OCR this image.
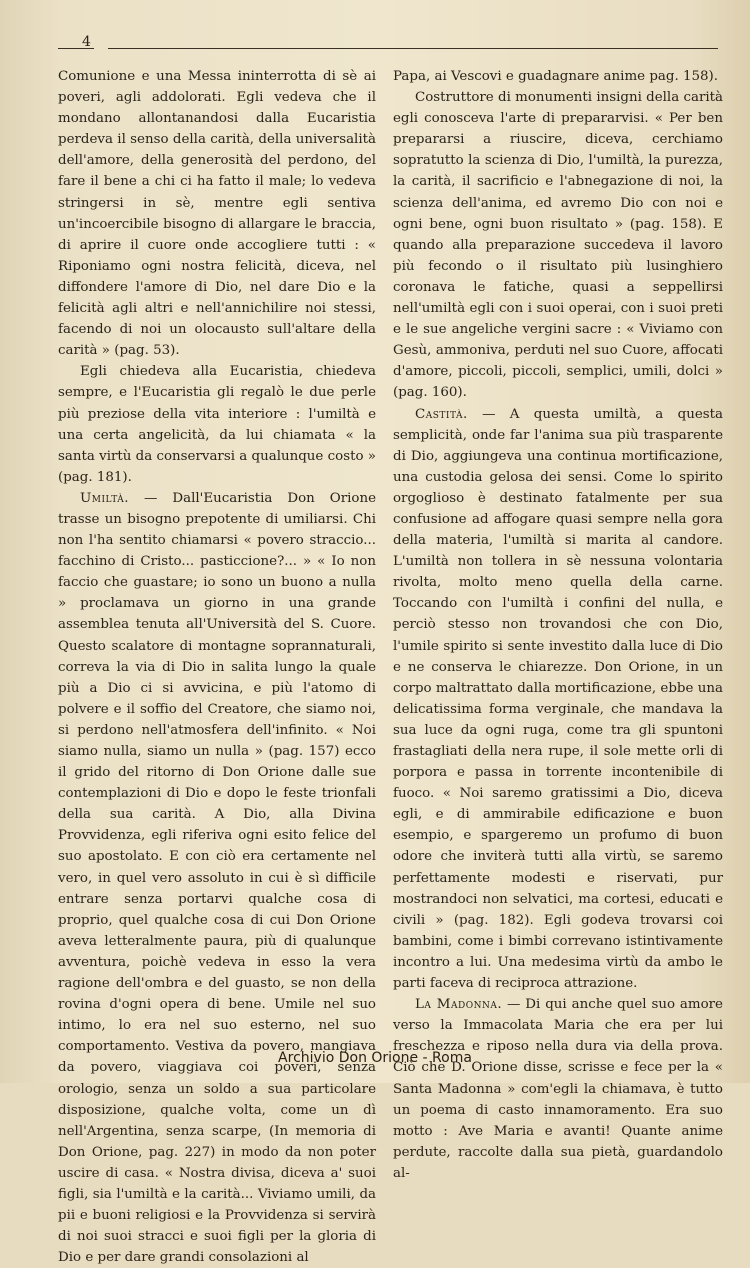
4

Comunione e una Messa ininterrotta di sè ai poveri, agli addolorati. Egli vedeva che il mondano allontanandosi dalla Eucaristia perdeva il senso della carità, della universalità dell'amore, della generosità del perdono, del fare il bene a chi ci ha fatto il male; lo vedeva stringersi in sè, mentre egli sentiva un'incoercibile bisogno di allargare le braccia, di aprire il cuore onde accogliere tutti : « Riponiamo ogni nostra felicità, diceva, nel diffondere l'amore di Dio, nel dare Dio e la felicità agli altri e nell'annichilire noi stessi, facendo di noi un olocausto sull'altare della carità » (pag. 53).

Egli chiedeva alla Eucaristia, chiedeva sempre, e l'Eucaristia gli regalò le due perle più preziose della vita interiore : l'umiltà e una certa angelicità, da lui chiamata « la santa virtù da conservarsi a qualunque costo » (pag. 181).

Umiltà. — Dall'Eucaristia Don Orione trasse un bisogno prepotente di umiliarsi. Chi non l'ha sentito chiamarsi « povero straccio... facchino di Cristo... pasticcione?... » « Io non faccio che guastare; io sono un buono a nulla » proclamava un giorno in una grande assemblea tenuta all'Università del S. Cuore. Questo scalatore di montagne soprannaturali, correva la via di Dio in salita lungo la quale più a Dio ci si avvicina, e più l'atomo di polvere e il soffio del Creatore, che siamo noi, si perdono nell'atmosfera dell'infinito. « Noi siamo nulla, siamo un nulla » (pag. 157) ecco il grido del ritorno di Don Orione dalle sue contemplazioni di Dio e dopo le feste trionfali della sua carità. A Dio, alla Divina Provvidenza, egli riferiva ogni esito felice del suo apostolato. E con ciò era certamente nel vero, in quel vero assoluto in cui è sì difficile entrare senza portarvi qualche cosa di proprio, quel qualche cosa di cui Don Orione aveva letteralmente paura, più di qualunque avventura, poichè vedeva in esso la vera ragione dell'ombra e del guasto, se non della rovina d'ogni opera di bene. Umile nel suo intimo, lo era nel suo esterno, nel suo comportamento. Vestiva da povero, mangiava da povero, viaggiava coi poveri, senza orologio, senza un soldo a sua particolare disposizione, qualche volta, come un dì nell'Argentina, senza scarpe, (In memoria di Don Orione, pag. 227) in modo da non poter uscire di casa. « Nostra divisa, diceva a' suoi figli, sia l'umiltà e la carità... Viviamo umili, da pii e buoni religiosi e la Provvidenza si servirà di noi suoi stracci e suoi figli per la gloria di Dio e per dare grandi consolazioni al

Papa, ai Vescovi e guadagnare anime pag. 158).

Costruttore di monumenti insigni della carità egli conosceva l'arte di prepararvisi. « Per ben prepararsi a riuscire, diceva, cerchiamo sopratutto la scienza di Dio, l'umiltà, la purezza, la carità, il sacrificio e l'abnegazione di noi, la scienza dell'anima, ed avremo Dio con noi e ogni bene, ogni buon risultato » (pag. 158). E quando alla preparazione succedeva il lavoro più fecondo o il risultato più lusinghiero coronava le fatiche, quasi a seppellirsi nell'umiltà egli con i suoi operai, con i suoi preti e le sue angeliche vergini sacre : « Viviamo con Gesù, ammoniva, perduti nel suo Cuore, affocati d'amore, piccoli, piccoli, semplici, umili, dolci » (pag. 160).

Castità. — A questa umiltà, a questa semplicità, onde far l'anima sua più trasparente di Dio, aggiungeva una continua mortificazione, una custodia gelosa dei sensi. Come lo spirito orgoglioso è destinato fatalmente per sua confusione ad affogare quasi sempre nella gora della materia, l'umiltà si marita al candore. L'umiltà non tollera in sè nessuna volontaria rivolta, molto meno quella della carne. Toccando con l'umiltà i confini del nulla, e perciò stesso non trovandosi che con Dio, l'umile spirito si sente investito dalla luce di Dio e ne conserva le chiarezze. Don Orione, in un corpo maltrattato dalla mortificazione, ebbe una delicatissima forma verginale, che mandava la sua luce da ogni ruga, come tra gli spuntoni frastagliati della nera rupe, il sole mette orli di porpora e passa in torrente incontenibile di fuoco. « Noi saremo gratissimi a Dio, diceva egli, e di ammirabile edificazione e buon esempio, e spargeremo un profumo di buon odore che inviterà tutti alla virtù, se saremo perfettamente modesti e riservati, pur mostrandoci non selvatici, ma cortesi, educati e civili » (pag. 182). Egli godeva trovarsi coi bambini, come i bimbi correvano istintivamente incontro a lui. Una medesima virtù da ambo le parti faceva di reciproca attrazione.

La Madonna. — Di qui anche quel suo amore verso la Immacolata Maria che era per lui freschezza e riposo nella dura via della prova. Ciò che D. Orione disse, scrisse e fece per la « Santa Madonna » com'egli la chiamava, è tutto un poema di casto innamoramento. Era suo motto : Ave Maria e avanti! Quante anime perdute, raccolte dalla sua pietà, guardandolo al-

Archivio Don Orione - Roma
